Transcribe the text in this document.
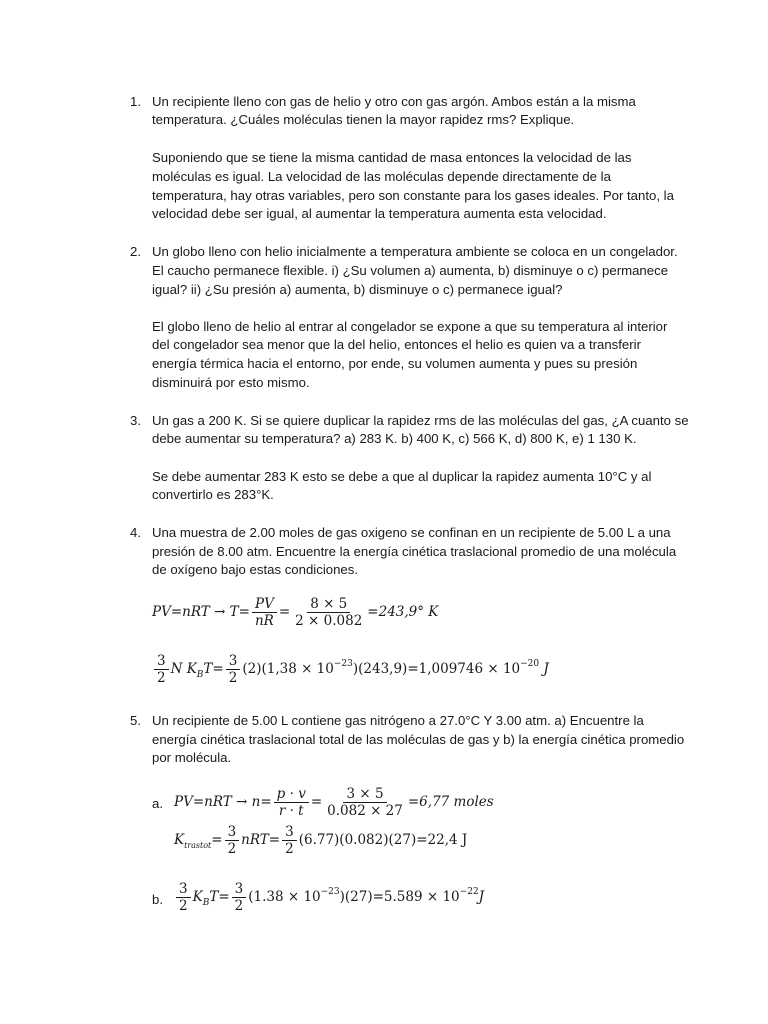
1. Un recipiente lleno con gas de helio y otro con gas argón. Ambos están a la misma
temperatura. ¿Cuáles moléculas tienen la mayor rapidez rms? Explique.
Suponiendo que se tiene la misma cantidad de masa entonces la velocidad de las
moléculas es igual. La velocidad de las moléculas depende directamente de la
temperatura, hay otras variables, pero son constante para los gases ideales. Por tanto, la
velocidad debe ser igual, al aumentar la temperatura aumenta esta velocidad.
2. Un globo lleno con helio inicialmente a temperatura ambiente se coloca en un congelador.
El caucho permanece flexible. i) ¿Su volumen a) aumenta, b) disminuye o c) permanece
igual? ii) ¿Su presión a) aumenta, b) disminuye o c) permanece igual?
El globo lleno de helio al entrar al congelador se expone a que su temperatura al interior
del congelador sea menor que la del helio, entonces el helio es quien va a transferir
energía térmica hacia el entorno, por ende, su volumen aumenta y pues su presión
disminuirá por esto mismo.
3. Un gas a 200 K. Si se quiere duplicar la rapidez rms de las moléculas del gas, ¿A cuanto se
debe aumentar su temperatura? a) 283 K. b) 400 K, c) 566 K, d) 800 K, e) 1 130 K.
Se debe aumentar 283 K esto se debe a que al duplicar la rapidez aumenta 10°C y al
convertirlo es 283°K.
4. Una muestra de 2.00 moles de gas oxigeno se confinan en un recipiente de 5.00 L a una
presión de 8.00 atm. Encuentre la energía cinética traslacional promedio de una molécula
de oxígeno bajo estas condiciones.
$PV=nRT \to T= \frac{PV}{nR} = \frac{8 \times 5}{2 \times 0.082} =243,9^\circ$ K
$\frac{3}{2}$ N $K_BT= \frac{3}{2} (2)(1,38 \times 10^{-23})(243,9)=1,009746 \times 10^{-20}$ J
5. Un recipiente de 5.00 L contiene gas nitrógeno a 27.0°C Y 3.00 atm. a) Encuentre la
energía cinética traslacional total de las moléculas de gas y b) la energía cinética promedio
por molécula.
a. $PV=nRT \to n= \frac{p \cdot v}{r \cdot t} = \frac{3 \times 5}{0.082 \times 27} =6,77$ moles
$K_{trastot}= \frac{3}{2} nRT= \frac{3}{2} (6.77)(0.082)(27)=22,4$ J
b. $\frac{3}{2} K_BT= \frac{3}{2} (1.38 \times 10^{-23})(27)=5.589 \times 10^{-22}J$
